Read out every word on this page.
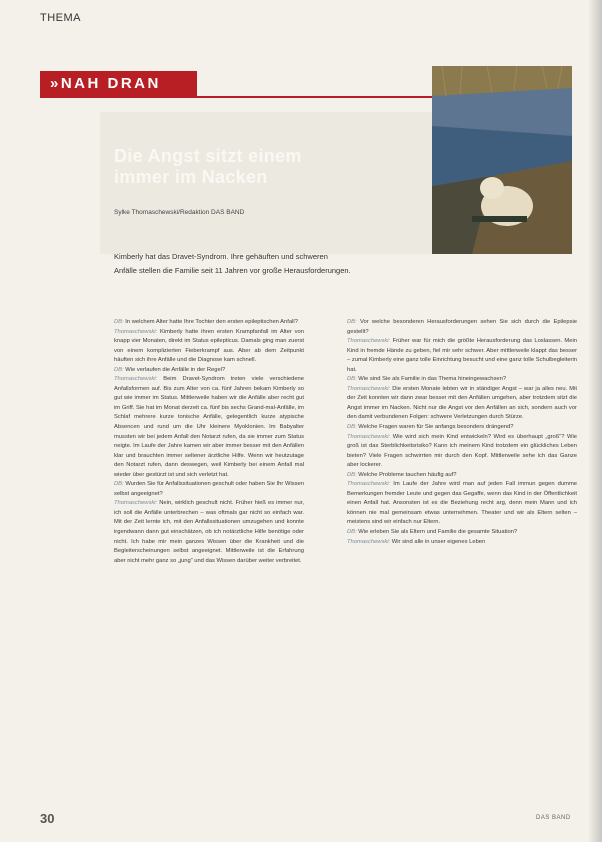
THEMA
»NAH DRAN
Die Angst sitzt einem
immer im Nacken
Sylke Thomaschewski/Redaktion DAS BAND

Kimberly hat das Dravet-Syndrom. Ihre gehäuften und schweren

Anfälle stellen die Familie seit 11 Jahren vor große Herausforderungen.

DB: In welchem Alter hatte Ihre Tochter den ersten epileptischen Anfall?

Thomaschewski: Kimberly hatte ihren ersten Krampfanfall im Alter von knapp vier Monaten, direkt im Status epilepticus. Damals ging man zuerst von einem komplizierten Fieberkrampf aus. Aber ab dem Zeitpunkt häuften sich ihre Anfälle und die Diagnose kam schnell.

DB: Wie verlaufen die Anfälle in der Regel?

Thomaschewski: Beim Dravet-Syndrom treten viele verschiedene Anfallsformen auf. Bis zum Alter von ca. fünf Jahren bekam Kimberly so gut wie immer im Status. Mittlerweile haben wir die Anfälle aber recht gut im Griff. Sie hat im Monat derzeit ca. fünf bis sechs Grand-mal-Anfälle, im Schlaf mehrere kurze tonische Anfälle, gelegentlich kurze atypische Absencen und rund um die Uhr kleinere Myoklonien. Im Babyalter mussten wir bei jedem Anfall den Notarzt rufen, da sie immer zum Status neigte. Im Laufe der Jahre kamen wir aber immer besser mit den Anfällen klar und brauchten immer seltener ärztliche Hilfe. Wenn wir heutzutage den Notarzt rufen, dann deswegen, weil Kimberly bei einem Anfall mal wieder über gestürzt ist und sich verletzt hat.

DB: Wurden Sie für Anfallssituationen geschult oder haben Sie Ihr Wissen selbst angeeignet?

Thomaschewski: Nein, wirklich geschult nicht. Früher hieß es immer nur, ich soll die Anfälle unterbrechen – was oftmals gar nicht so einfach war. Mit der Zeit lernte ich, mit den Anfallssituationen umzugehen und konnte irgendwann dann gut einschätzen, ob ich notärztliche Hilfe benötige oder nicht. Ich habe mir mein ganzes Wissen über die Krankheit und die Begleiterscheinungen selbst angeeignet. Mittlerweile ist die Erfahrung aber nicht mehr ganz so „jung“ und das Wissen darüber weiter verbreitet.

DB: Vor welche besonderen Herausforderungen sehen Sie sich durch die Epilepsie gestellt?

Thomaschewski: Früher war für mich die größte Herausforderung das Loslassen. Mein Kind in fremde Hände zu geben, fiel mir sehr schwer. Aber mittlerweile klappt das besser – zumal Kimberly eine ganz tolle Einrichtung besucht und eine ganz tolle Schulbegleiterin hat.

DB: Wie sind Sie als Familie in das Thema hineingewachsen?

Thomaschewski: Die ersten Monate lebten wir in ständiger Angst – war ja alles neu. Mit der Zeit konnten wir dann zwar besser mit den Anfällen umgehen, aber trotzdem sitzt die Angst immer im Nacken. Nicht nur die Angst vor den Anfällen an sich, sondern auch vor den damit verbundenen Folgen: schwere Verletzungen durch Stürze.

DB: Welche Fragen waren für Sie anfangs besonders drängend?

Thomaschewski: Wie wird sich mein Kind entwickeln? Wird es überhaupt „groß“? Wie groß ist das Sterblichkeitsrisiko? Kann ich meinem Kind trotzdem ein glückliches Leben bieten? Viele Fragen schwirrten mir durch den Kopf. Mittlerweile sehe ich das Ganze aber lockerer.

DB: Welche Probleme tauchen häufig auf?

Thomaschewski: Im Laufe der Jahre wird man auf jeden Fall immun gegen dumme Bemerkungen fremder Leute und gegen das Gegaffe, wenn das Kind in der Öffentlichkeit einen Anfall hat. Ansonsten ist es die Beziehung recht arg, denn mein Mann und ich können nie mal gemeinsam etwas unternehmen. Theater und wir als Eltern selten – meistens sind wir einfach nur Eltern.

DB: Wie erleben Sie als Eltern und Familie die gesamte Situation?

Thomaschewski: Wir sind alle in unser eigenes Leben

30	DAS BAND
